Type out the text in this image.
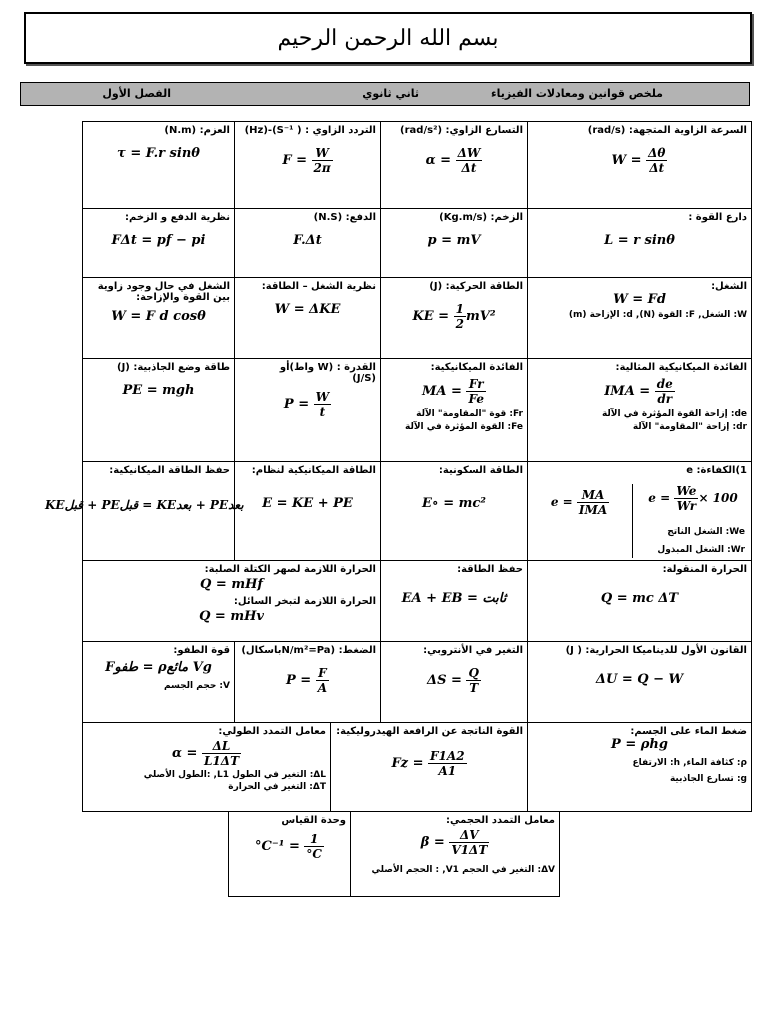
بسم الله الرحمن الرحيم
ملخص قوانين ومعادلات الفيزياء
ثاني ثانوي
الفصل الأول
السرعة الزاوية المتجهة: (rad/s)
$W = \frac{\Delta\theta}{\Delta t}$
التسارع الزاوي: (rad/s²)
$\alpha = \frac{\Delta W}{\Delta t}$
التردد الزاوي : ( S⁻¹)-(Hz)
$F = \frac{W}{2\pi}$
العزم: (N.m)
τ = F.r sinθ
دارع القوة :
L = r sinθ
الزخم: (Kg.m/s)
p = mV
الدفع: (N.S)
F.Δt
نظرية الدفع و الزخم:
FΔt = pf − pi
الشغل:
W = Fd
W: الشغل, F: القوة (N), d: الإزاحة (m)
الطاقة الحركية: (J)
KE = $\frac{1}{2} mV^2$
نظرية الشغل – الطاقة:
W = ΔKE
الشغل في حال وجود زاوية بين القوة والإزاحة:
W = F d cosθ
الفائدة الميكانيكية المثالية:
IMA = $\frac{de}{dr}$
de: إزاحة القوة المؤثرة في الآلة
dr: إزاحة "المقاومة" الآلة
الفائدة الميكانيكية:
MA = $\frac{Fr}{Fe}$
Fr: قوة "المقاومة" الآلة
Fe: القوة المؤثرة في الآلة
القدرة : (W واط)أو
(J/S)
$P = \frac{W}{t}$
طاقة وضع الجاذبية: (J)
PE = mgh
1)الكفاءة: e
$e = \frac{MA}{\text{IMA}}$	$e = \frac{We}{Wr} \times 100$
We: الشغل الناتج
Wr: الشغل المبذول
الطاقة السكونية:
E∘ = mc²
الطاقة الميكانيكية لنظام:
E = KE + PE
حفظ الطاقة الميكانيكية:
KEقبل + PEقبل = KEبعد + PEبعد
الحرارة المنقولة:
Q = mc ΔT
حفظ الطاقة:
EA + EB = ثابت
الحرارة اللازمة لصهر الكتلة الصلبة:
Q = mHf
الحرارة اللازمة لتبخر السائل:
Q = mHv
القانون الأول للديناميكا الحرارية: ( J)
ΔU = Q − W
التغير في الأنتروبي:
$\Delta S = \frac{Q}{T}$
الضغط: (N/m²=Paباسكال)
$P = \frac{F}{A}$
قوة الطفو:
Fطفو = ρمائع Vg
V: حجم الجسم
ضغط الماء على الجسم:
P = ρhg
ρ: كثافة الماء, h: الارتفاع
g: تسارع الجاذبية
القوة الناتجة عن الرافعة الهيدروليكية:
$Fz = \frac{F1A2}{A1}$
معامل التمدد الطولي:
$\alpha = \frac{\Delta L}{L1\Delta T}$
ΔL: التغير في الطول L1, :الطول الأصلي
ΔT: التغير في الحرارة
معامل التمدد الحجمي:
$\beta = \frac{\Delta V}{V1\Delta T}$
ΔV: التغير في الحجم V1, : الحجم الأصلي
وحدة القياس
$^\circ C^{-1} = \frac{1}{^\circ C}$
